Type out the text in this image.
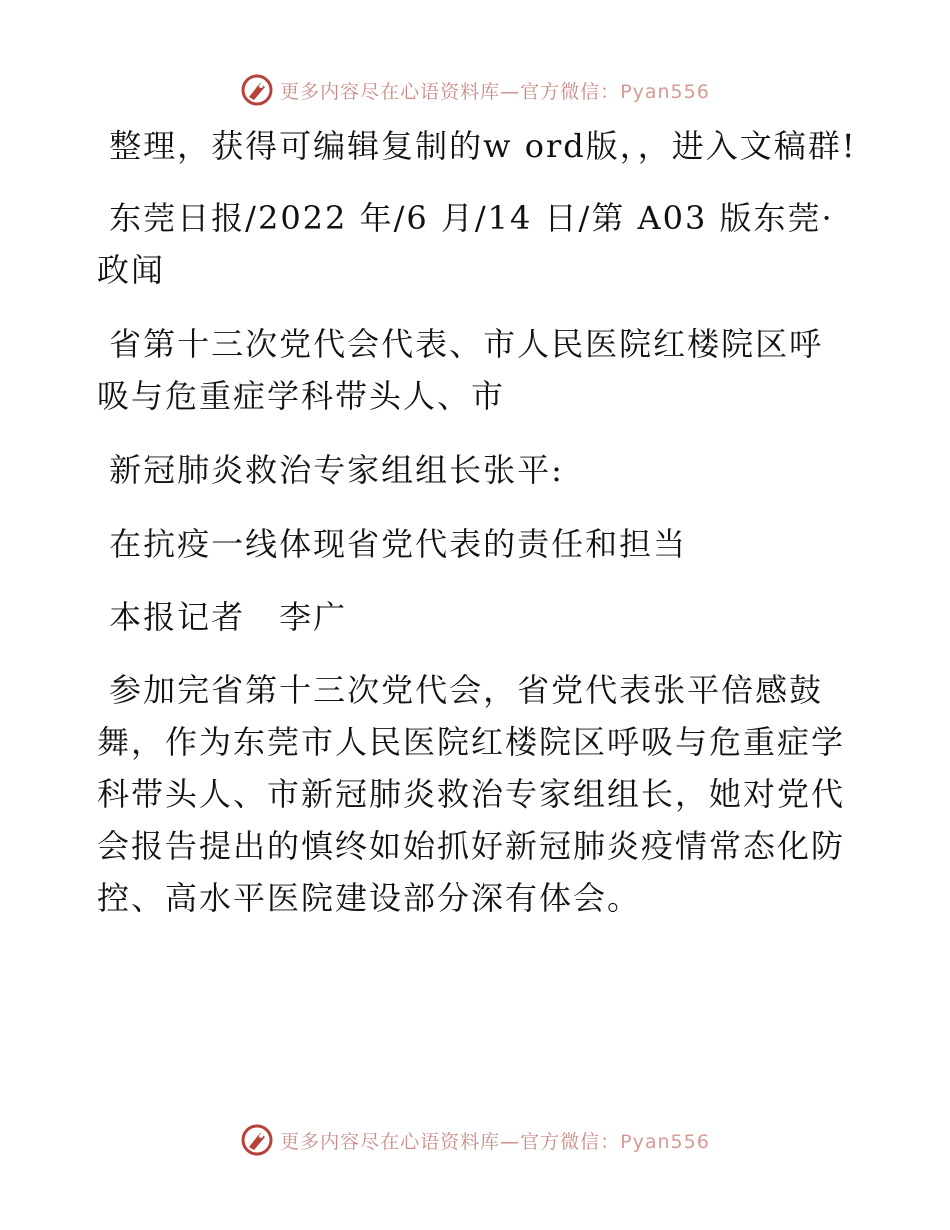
更多内容尽在心语资料库—官方微信：Pyan556

整理，获得可编辑复制的w ord版，，进入文稿群!

东莞日报/2022 年/6 月/14 日/第 A03 版东莞·政闻

省第十三次党代会代表、市人民医院红楼院区呼吸与危重症学科带头人、市

新冠肺炎救治专家组组长张平:

在抗疫一线体现省党代表的责任和担当

本报记者　李广

参加完省第十三次党代会，省党代表张平倍感鼓舞，作为东莞市人民医院红楼院区呼吸与危重症学科带头人、市新冠肺炎救治专家组组长，她对党代会报告提出的慎终如始抓好新冠肺炎疫情常态化防控、高水平医院建设部分深有体会。

更多内容尽在心语资料库—官方微信：Pyan556
